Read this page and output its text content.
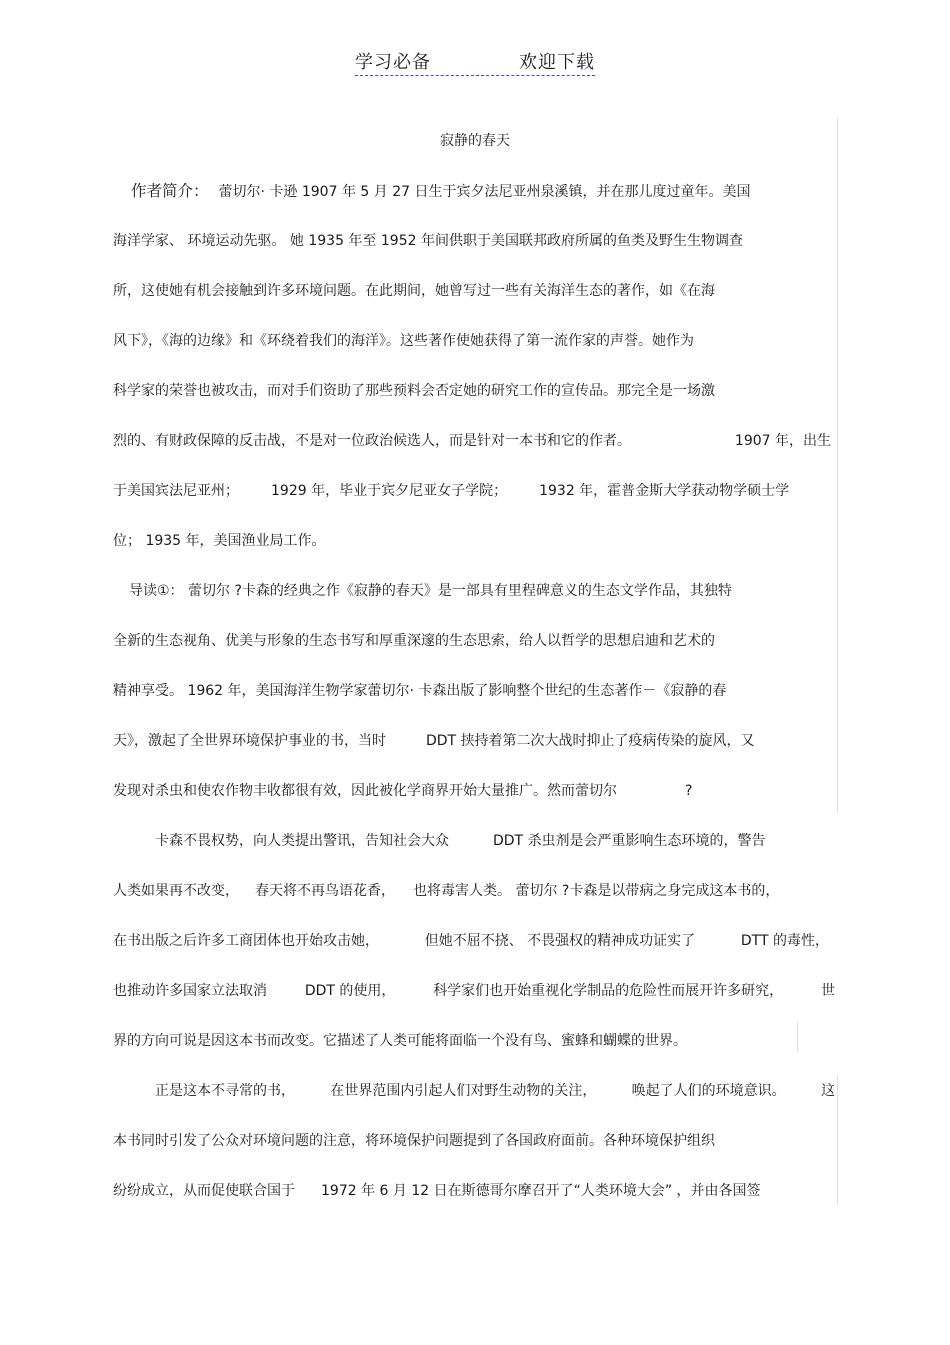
学习必备	欢迎下载
寂静的春天
作者简介： 蕾切尔· 卡逊 1907 年 5 月 27 日生于宾夕法尼亚州泉溪镇，并在那儿度过童年。美国
海洋学家、 环境运动先驱。 她 1935 年至 1952 年间供职于美国联邦政府所属的鱼类及野生生物调查
所，这使她有机会接触到许多环境问题。在此期间，她曾写过一些有关海洋生态的著作，如《在海
风下》，《海的边缘》和《环绕着我们的海洋》。这些著作使她获得了第一流作家的声誉。她作为
科学家的荣誉也被攻击，而对手们资助了那些预料会否定她的研究工作的宣传品。那完全是一场激
烈的、有财政保障的反击战，不是对一位政治候选人，而是针对一本书和它的作者。	1907 年，出生
于美国宾法尼亚州； 1929 年，毕业于宾夕尼亚女子学院； 1932 年，霍普金斯大学获动物学硕士学
位； 1935 年，美国渔业局工作。
导读①： 蕾切尔 ?卡森的经典之作《寂静的春天》是一部具有里程碑意义的生态文学作品，其独特
全新的生态视角、优美与形象的生态书写和厚重深邃的生态思索，给人以哲学的思想启迪和艺术的
精神享受。 1962 年，美国海洋生物学家蕾切尔· 卡森出版了影响整个世纪的生态著作－《寂静的春
天》，激起了全世界环境保护事业的书，当时	DDT 挟持着第二次大战时抑止了疫病传染的旋风，又
发现对杀虫和使农作物丰收都很有效，因此被化学商界开始大量推广。然而蕾切尔	?
卡森不畏权势，向人类提出警讯，告知社会大众	DDT 杀虫剂是会严重影响生态环境的，警告
人类如果再不改变， 春天将不再鸟语花香， 也将毒害人类。 蕾切尔 ?卡森是以带病之身完成这本书的，
在书出版之后许多工商团体也开始攻击她，	但她不屈不挠、 不畏强权的精神成功证实了	DTT 的毒性，
也推动许多国家立法取消	DDT 的使用，	科学家们也开始重视化学制品的危险性而展开许多研究，	世
界的方向可说是因这本书而改变。它描述了人类可能将面临一个没有鸟、蜜蜂和蝴蝶的世界。
正是这本不寻常的书，	在世界范围内引起人们对野生动物的关注，	唤起了人们的环境意识。	这
本书同时引发了公众对环境问题的注意，将环境保护问题提到了各国政府面前。各种环境保护组织
纷纷成立，从而促使联合国于 1972 年 6 月 12 日在斯德哥尔摩召开了“人类环境大会” ，并由各国签
